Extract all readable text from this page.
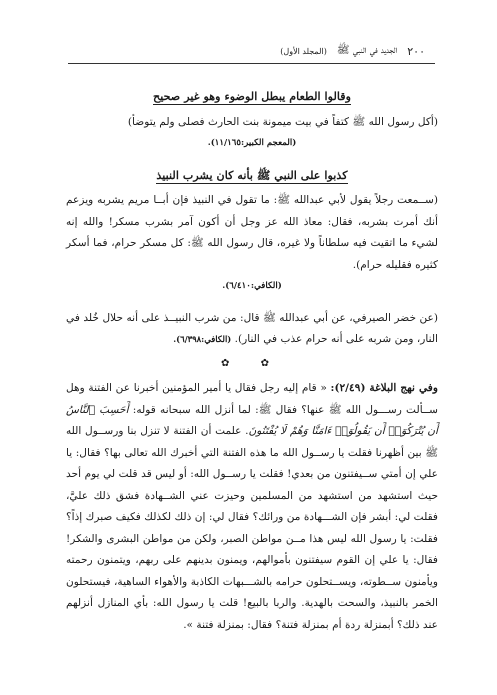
٢٠٠
الجديد في النبي ﷺ
(المجلد الأول)

وقالوا الطعام يبطل الوضوء وهو غير صحيح

(أكل رسول الله ﷺ كتفاً في بيت ميمونة بنت الحارث فصلى ولم يتوضأ)

(المعجم الكبير:١١/١٦٥).

كذبوا على النبي ﷺ بأنه كان يشرب النبيذ

(ســمعت رجلاً يقول لأبي عبدالله ﷺ: ما تقول في النبيذ فإن أبــا مريم يشربه ويزعم أنك أمرت بشربه، فقال: معاذ الله عز وجل أن أكون آمر بشرب مسكر! والله إنه لشيء ما اتقيت فيه سلطاناً ولا غيره، قال رسول الله ﷺ: كل مسكر حرام، فما أسكر كثيره فقليله حرام).

(الكافي:٦/٤١٠).

(عن خضر الصيرفي، عن أبي عبدالله ﷺ قال: من شرب النبيــذ على أنه حلال خُلد في النار، ومن شربه على أنه حرام عذب في النار). (الكافي:٦/٣٩٨).

✿ ✿

وفي نهج البلاغة (٢/٤٩): « قام إليه رجل فقال يا أمير المؤمنين أخبرنا عن الفتنة وهل ســألت رســـول الله ﷺ عنها؟ فقال ﷺ: لما أنزل الله سبحانه قوله: أَحَسِبَ ٱلنَّاسُ أَن يُتْرَكُوٓا۟ أَن يَقُولُوٓا۟ ءَامَنَّا وَهُمْ لَا يُفْتَنُونَ. علمت أن الفتنة لا تنزل بنا ورســول الله ﷺ بين أظهرنا فقلت يا رســول الله ما هذه الفتنة التي أخبرك الله تعالى بها؟ فقال: يا علي إن أمتي ســيفتنون من بعدي! فقلت يا رســول الله: أو ليس قد قلت لي يوم أحد حيث استشهد من استشهد من المسلمين وحيزت عني الشــهادة فشق ذلك عليَّ، فقلت لي: أبشر فإن الشـــهادة من ورائك؟ فقال لي: إن ذلك لكذلك فكيف صبرك إذاً؟ فقلت: يا رسول الله ليس هذا مــن مواطن الصبر، ولكن من مواطن البشرى والشكر! فقال: يا علي إن القوم سيفتنون بأموالهم، ويمنون بدينهم على ربهم، ويتمنون رحمته ويأمنون ســطوته، ويســتحلون حرامه بالشـــبهات الكاذبة والأهواء الساهية، فيستحلون الخمر بالنبيذ، والسحت بالهدية. والربا بالبيع! قلت يا رسول الله: بأي المنازل أنزلهم عند ذلك؟ أبمنزلة ردة أم بمنزلة فتنة؟ فقال: بمنزلة فتنة ».
